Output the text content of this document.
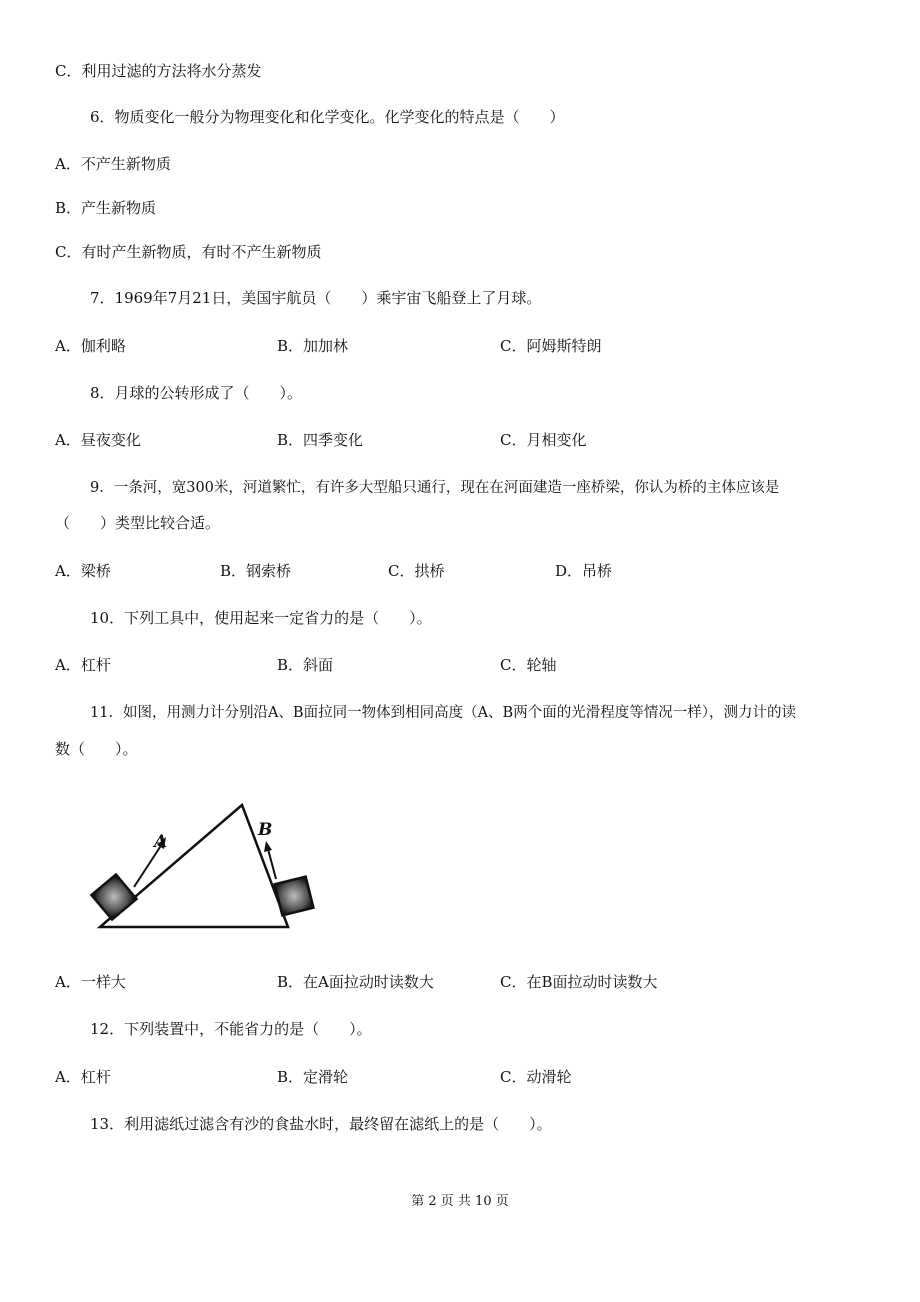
C．利用过滤的方法将水分蒸发
6．物质变化一般分为物理变化和化学变化。化学变化的特点是（　　）
A．不产生新物质
B．产生新物质
C．有时产生新物质，有时不产生新物质
7．1969年7月21日，美国宇航员（　　）乘宇宙飞船登上了月球。
A．伽利略	B．加加林	C．阿姆斯特朗
8．月球的公转形成了（　　）。
A．昼夜变化	B．四季变化	C．月相变化
9．一条河，宽300米，河道繁忙，有许多大型船只通行，现在在河面建造一座桥梁，你认为桥的主体应该是
（　　）类型比较合适。
A．梁桥	B．钢索桥	C．拱桥	D．吊桥
10．下列工具中，使用起来一定省力的是（　　）。
A．杠杆	B．斜面	C．轮轴
11．如图，用测力计分别沿A、B面拉同一物体到相同高度（A、B两个面的光滑程度等情况一样），测力计的读
数（　　）。
A
B
A．一样大	B．在A面拉动时读数大	C．在B面拉动时读数大
12．下列装置中，不能省力的是（　　）。
A．杠杆	B．定滑轮	C．动滑轮
13．利用滤纸过滤含有沙的食盐水时，最终留在滤纸上的是（　　）。
第 2 页 共 10 页
